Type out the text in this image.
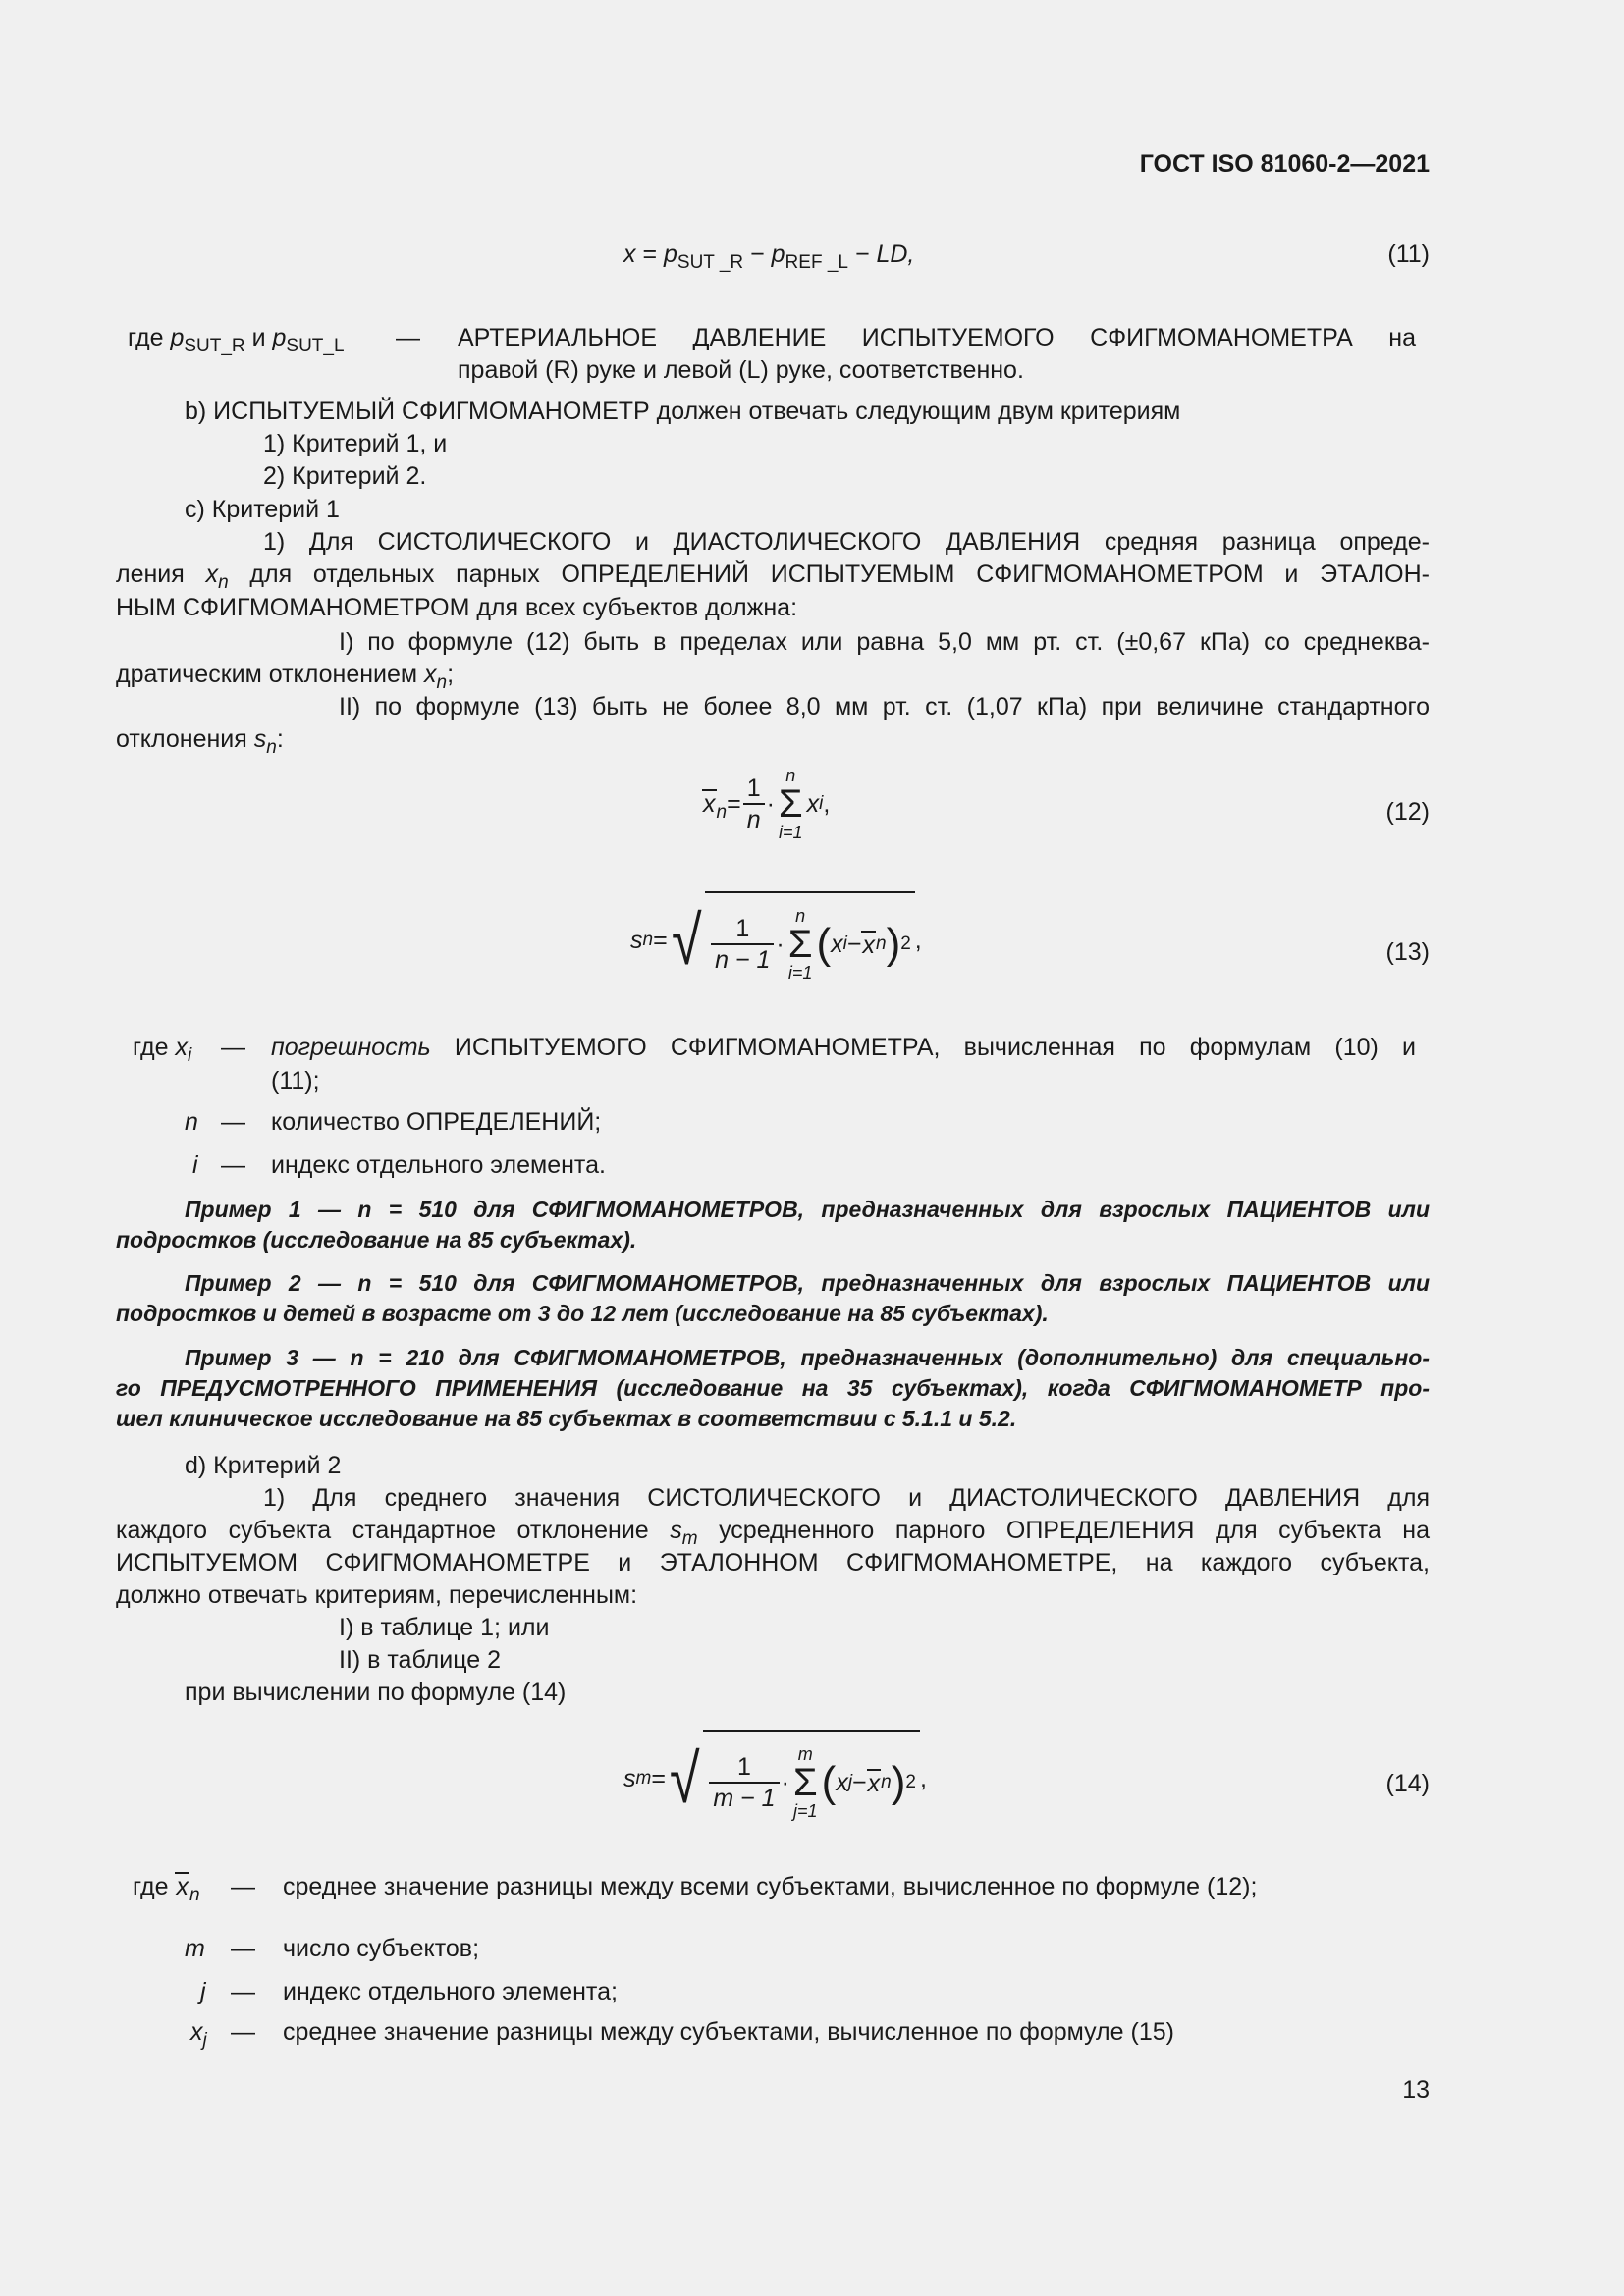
ГОСТ ISO 81060-2—2021
$x = p_{SUT \_R} - p_{REF \_L}$ − LD,	(11)
где $p_{SUT\_R}$ и $p_{SUT\_L}$ — АРТЕРИАЛЬНОЕ ДАВЛЕНИЕ ИСПЫТУЕМОГО СФИГМОМАНОМЕТРА на
правой (R) руке и левой (L) руке, соответственно.
b) ИСПЫТУЕМЫЙ СФИГМОМАНОМЕТР должен отвечать следующим двум критериям
1) Критерий 1, и
2) Критерий 2.
c) Критерий 1
1) Для СИСТОЛИЧЕСКОГО и ДИАСТОЛИЧЕСКОГО ДАВЛЕНИЯ средняя разница опреде-
ления $x_n$ для отдельных парных ОПРЕДЕЛЕНИЙ ИСПЫТУЕМЫМ СФИГМОМАНОМЕТРОМ и ЭТАЛОН-
НЫМ СФИГМОМАНОМЕТРОМ для всех субъектов должна:
I) по формуле (12) быть в пределах или равна 5,0 мм рт. ст. (±0,67 кПа) со среднеква-
дратическим отклонением $x_n$;
II) по формуле (13) быть не более 8,0 мм рт. ст. (1,07 кПа) при величине стандартного
отклонения $s_n$:
$x_n = \frac{1}{n}$ ·
n
Σ
i=1
x i ,	(12)
s n = √ $\frac{1}{n - 1}$ ·
n
Σ
i=1
( x i − x n ) 2 ,	(13)
где $x_i$ — погрешность ИСПЫТУЕМОГО СФИГМОМАНОМЕТРА, вычисленная по формулам (10) и
(11);
n — количество ОПРЕДЕЛЕНИЙ;
i — индекс отдельного элемента.
Пример 1 — n = 510 для СФИГМОМАНОМЕТРОВ, предназначенных для взрослых ПАЦИЕНТОВ или
подростков (исследование на 85 субъектах).
Пример 2 — n = 510 для СФИГМОМАНОМЕТРОВ, предназначенных для взрослых ПАЦИЕНТОВ или
подростков и детей в возрасте от 3 до 12 лет (исследование на 85 субъектах).
Пример 3 — n = 210 для СФИГМОМАНОМЕТРОВ, предназначенных (дополнительно) для специально-
го ПРЕДУСМОТРЕННОГО ПРИМЕНЕНИЯ (исследование на 35 субъектах), когда СФИГМОМАНОМЕТР про-
шел клиническое исследование на 85 субъектах в соответствии с 5.1.1 и 5.2.
d) Критерий 2
1) Для среднего значения СИСТОЛИЧЕСКОГО и ДИАСТОЛИЧЕСКОГО ДАВЛЕНИЯ для
каждого субъекта стандартное отклонение $s_m$ усредненного парного ОПРЕДЕЛЕНИЯ для субъекта на
ИСПЫТУЕМОМ СФИГМОМАНОМЕТРЕ и ЭТАЛОННОМ СФИГМОМАНОМЕТРЕ, на каждого субъекта,
должно отвечать критериям, перечисленным:
I) в таблице 1; или
II) в таблице 2
при вычислении по формуле (14)
s m = √ $\frac{1}{m - 1}$ ·
m
Σ
j=1
( x j − x n ) 2 ,	(14)
где $x_n$ — среднее значение разницы между всеми субъектами, вычисленное по формуле (12);
m — число субъектов;
j — индекс отдельного элемента;
$x_j$ — среднее значение разницы между субъектами, вычисленное по формуле (15)
13
